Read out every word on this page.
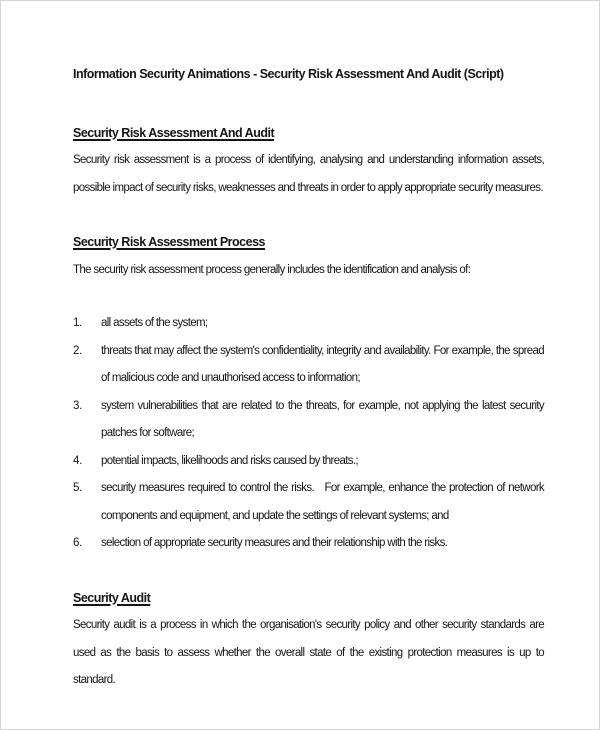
Information Security Animations - Security Risk Assessment And Audit (Script)
Security Risk Assessment And Audit

Security risk assessment is a process of identifying, analysing and understanding information assets, possible impact of security risks, weaknesses and threats in order to apply appropriate security measures.

Security Risk Assessment Process

The security risk assessment process generally includes the identification and analysis of:

1. all assets of the system;
2. threats that may affect the system's confidentiality, integrity and availability. For example, the spread of malicious code and unauthorised access to information;
3. system vulnerabilities that are related to the threats, for example, not applying the latest security patches for software;
4. potential impacts, likelihoods and risks caused by threats.;
5. security measures required to control the risks.   For example, enhance the protection of network components and equipment, and update the settings of relevant systems; and
6. selection of appropriate security measures and their relationship with the risks.
Security Audit

Security audit is a process in which the organisation's security policy and other security standards are used as the basis to assess whether the overall state of the existing protection measures is up to standard.
